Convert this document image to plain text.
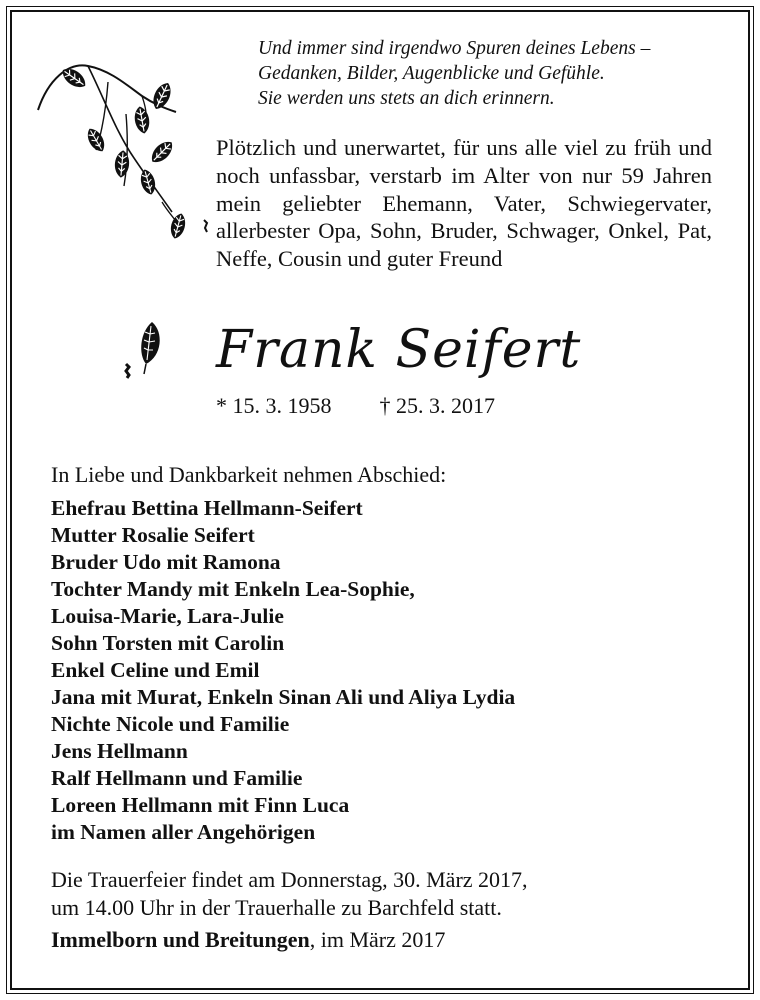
Und immer sind irgendwo Spuren deines Lebens –
Gedanken, Bilder, Augenblicke und Gefühle.
Sie werden uns stets an dich erinnern.
Plötzlich und unerwartet, für uns alle viel zu früh und noch unfassbar, verstarb im Alter von nur 59 Jahren mein geliebter Ehemann, Vater, Schwiegervater, allerbester Opa, Sohn, Bruder, Schwager, Onkel, Pat, Neffe, Cousin und guter Freund
Frank Seifert
* 15. 3. 1958 † 25. 3. 2017
In Liebe und Dankbarkeit nehmen Abschied:
Ehefrau Bettina Hellmann-Seifert
Mutter Rosalie Seifert
Bruder Udo mit Ramona
Tochter Mandy mit Enkeln Lea-Sophie,
Louisa-Marie, Lara-Julie
Sohn Torsten mit Carolin
Enkel Celine und Emil
Jana mit Murat, Enkeln Sinan Ali und Aliya Lydia
Nichte Nicole und Familie
Jens Hellmann
Ralf Hellmann und Familie
Loreen Hellmann mit Finn Luca
im Namen aller Angehörigen
Die Trauerfeier findet am Donnerstag, 30. März 2017,
um 14.00 Uhr in der Trauerhalle zu Barchfeld statt.
Immelborn und Breitungen, im März 2017
